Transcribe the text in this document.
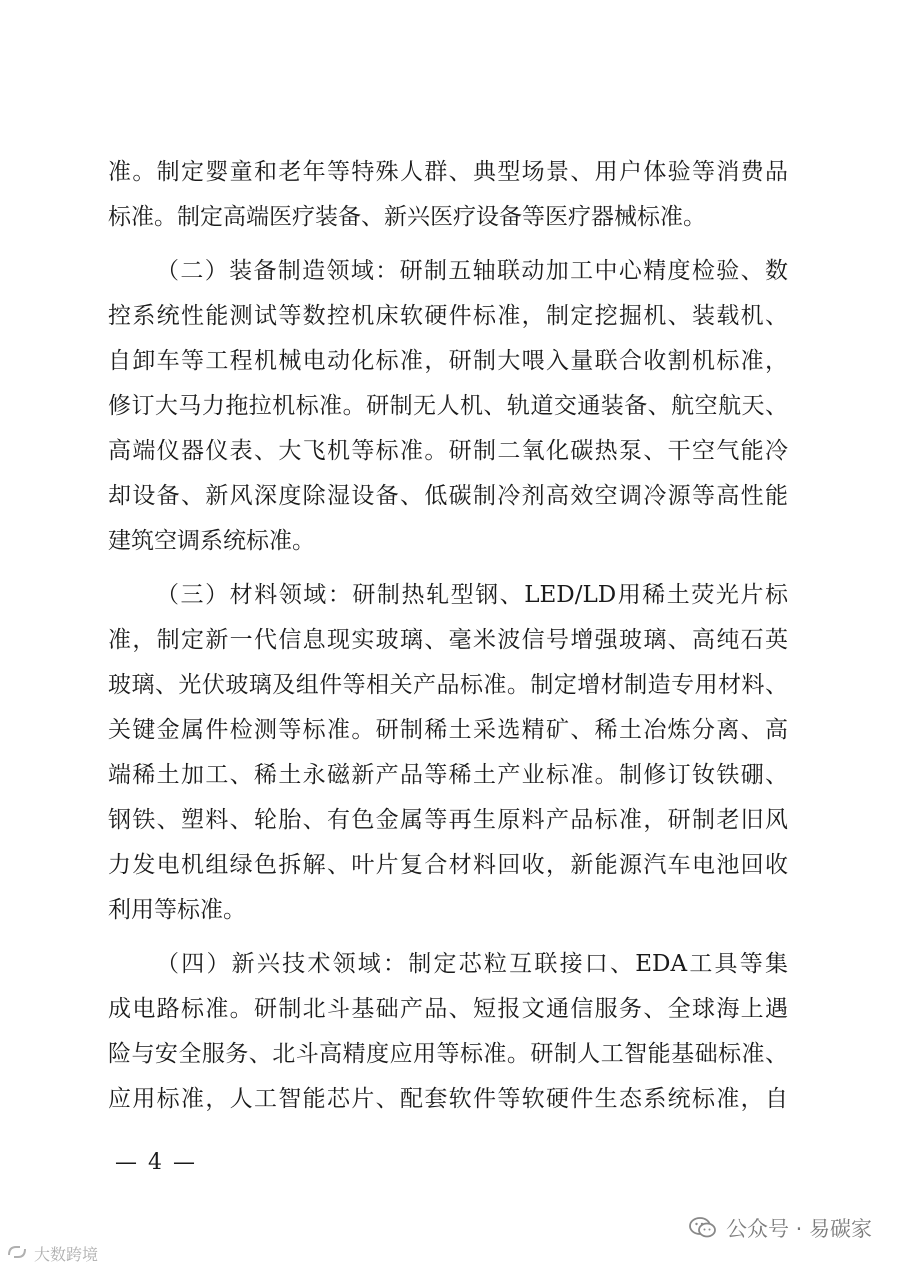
准。制定婴童和老年等特殊人群、典型场景、用户体验等消费品
标准。制定高端医疗装备、新兴医疗设备等医疗器械标准。
（二）装备制造领域：研制五轴联动加工中心精度检验、数
控系统性能测试等数控机床软硬件标准，制定挖掘机、装载机、
自卸车等工程机械电动化标准，研制大喂入量联合收割机标准，
修订大马力拖拉机标准。研制无人机、轨道交通装备、航空航天、
高端仪器仪表、大飞机等标准。研制二氧化碳热泵、干空气能冷
却设备、新风深度除湿设备、低碳制冷剂高效空调冷源等高性能
建筑空调系统标准。
（三）材料领域：研制热轧型钢、LED/LD用稀土荧光片标
准，制定新一代信息现实玻璃、毫米波信号增强玻璃、高纯石英
玻璃、光伏玻璃及组件等相关产品标准。制定增材制造专用材料、
关键金属件检测等标准。研制稀土采选精矿、稀土冶炼分离、高
端稀土加工、稀土永磁新产品等稀土产业标准。制修订钕铁硼、
钢铁、塑料、轮胎、有色金属等再生原料产品标准，研制老旧风
力发电机组绿色拆解、叶片复合材料回收，新能源汽车电池回收
利用等标准。
（四）新兴技术领域：制定芯粒互联接口、EDA工具等集
成电路标准。研制北斗基础产品、短报文通信服务、全球海上遇
险与安全服务、北斗高精度应用等标准。研制人工智能基础标准、
应用标准，人工智能芯片、配套软件等软硬件生态系统标准，自
— 4 —
大数跨境
公众号 · 易碳家
